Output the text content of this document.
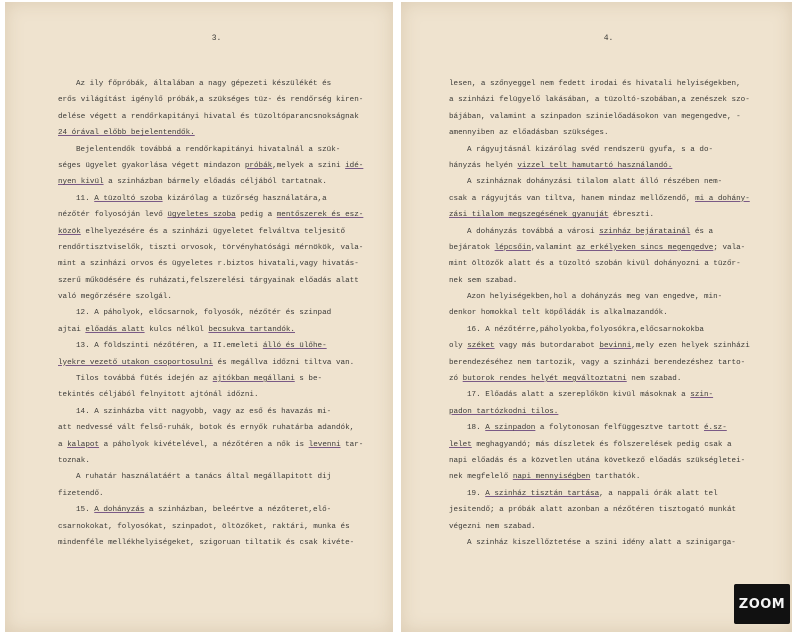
3.
Az ily főpróbák, általában a nagy gépezeti készülékét és
erős világítást igénylő próbák,a szükséges tüz- és rendőrség kiren-
delése végett a rendőrkapitányi hivatal és tüzoltóparancsnokságnak
24 órával előbb bejelentendők.
Bejelentendők továbbá a rendőrkapitányi hivatalnál a szük-
séges ügyelet gyakorlása végett mindazon próbák,melyek a szini idé-
nyen kivül a szinházban bármely előadás céljából tartatnak.
11. A tüzoltó szoba kizárólag a tüzőrség használatára,a
nézőtér folyosóján levő ügyeletes szoba pedig a mentőszerek és esz-
közök elhelyezésére és a szinházi ügyeletet felváltva teljesitő
rendőrtisztviselők, tiszti orvosok, törvényhatósági mérnökök, vala-
mint a szinházi orvos és ügyeletes r.biztos hivatali,vagy hivatás-
szerű működésére és ruházati,felszerelési tárgyainak előadás alatt
való megőrzésére szolgál.
12. A páholyok, előcsarnok, folyosók, nézőtér és szinpad
ajtai előadás alatt kulcs nélkül becsukva tartandók.
13. A földszinti nézőtéren, a II.emeleti álló és ülőhe-
lyekre vezető utakon csoportosulni és megállva időzni tiltva van.
Tilos továbbá fütés idején az ajtókban megállani s be-
tekintés céljából felnyitott ajtónál időzni.
14. A szinházba vitt nagyobb, vagy az eső és havazás mi-
att nedvessé vált felső-ruhák, botok és ernyők ruhatárba adandók,
a kalapot a páholyok kivételével, a nézőtéren a nők is levenni tar-
toznak.
A ruhatár használatáért a tanács által megállapitott dij
fizetendő.
15. A dohányzás a szinházban, beleértve a nézőteret,elő-
csarnokokat, folyosókat, szinpadot, öltözőket, raktári, munka és
mindenféle mellékhelyiségeket, szigoruan tiltatik és csak kivéte-
4.
lesen, a szőnyeggel nem fedett irodai és hivatali helyiségekben,
a szinházi felügyelő lakásában, a tüzoltó-szobában,a zenészek szo-
bájában, valamint a szinpadon szinielőadásokon van megengedve, -
amennyiben az előadásban szükséges.
A rágyujtásnál kizárólag svéd rendszerü gyufa, s a do-
hányzás helyén vizzel telt hamutartó használandó.
A szinháznak dohányzási tilalom alatt álló részében nem-
csak a rágyujtás van tiltva, hanem mindaz mellőzendő, mi a dohány-
zási tilalom megszegésének gyanuját ébreszti.
A dohányzás továbbá a városi szinház bejáratainál és a
bejáratok lépcsőin,valamint az erkélyeken sincs megengedve; vala-
mint öltözők alatt és a tüzoltó szobán kivül dohányozni a tüzőr-
nek sem szabad.
Azon helyiségekben,hol a dohányzás meg van engedve, min-
denkor homokkal telt köpőládák is alkalmazandók.
16. A nézőtérre,páholyokba,folyosókra,előcsarnokokba
oly széket vagy más butordarabot bevinni,mely ezen helyek szinházi
berendezéséhez nem tartozik, vagy a szinházi berendezéshez tarto-
zó butorok rendes helyét megváltoztatni nem szabad.
17. Előadás alatt a szereplőkön kivül másoknak a szin-
padon tartózkodni tilos.
18. A szinpadon a folytonosan felfüggesztve tartott é.sz-
lelet meghagyandó; más díszletek és fölszerelések pedig csak a
napi előadás és a közvetlen utána következő előadás szükségletei-
nek megfelelő napi mennyiségben tarthatók.
19. A szinház tisztán tartása, a nappali órák alatt tel
jesitendő; a próbák alatt azonban a nézőtéren tisztogató munkát
végezni nem szabad.
A szinház kiszellőztetése a szini idény alatt a szinigarga-
ZOOM
